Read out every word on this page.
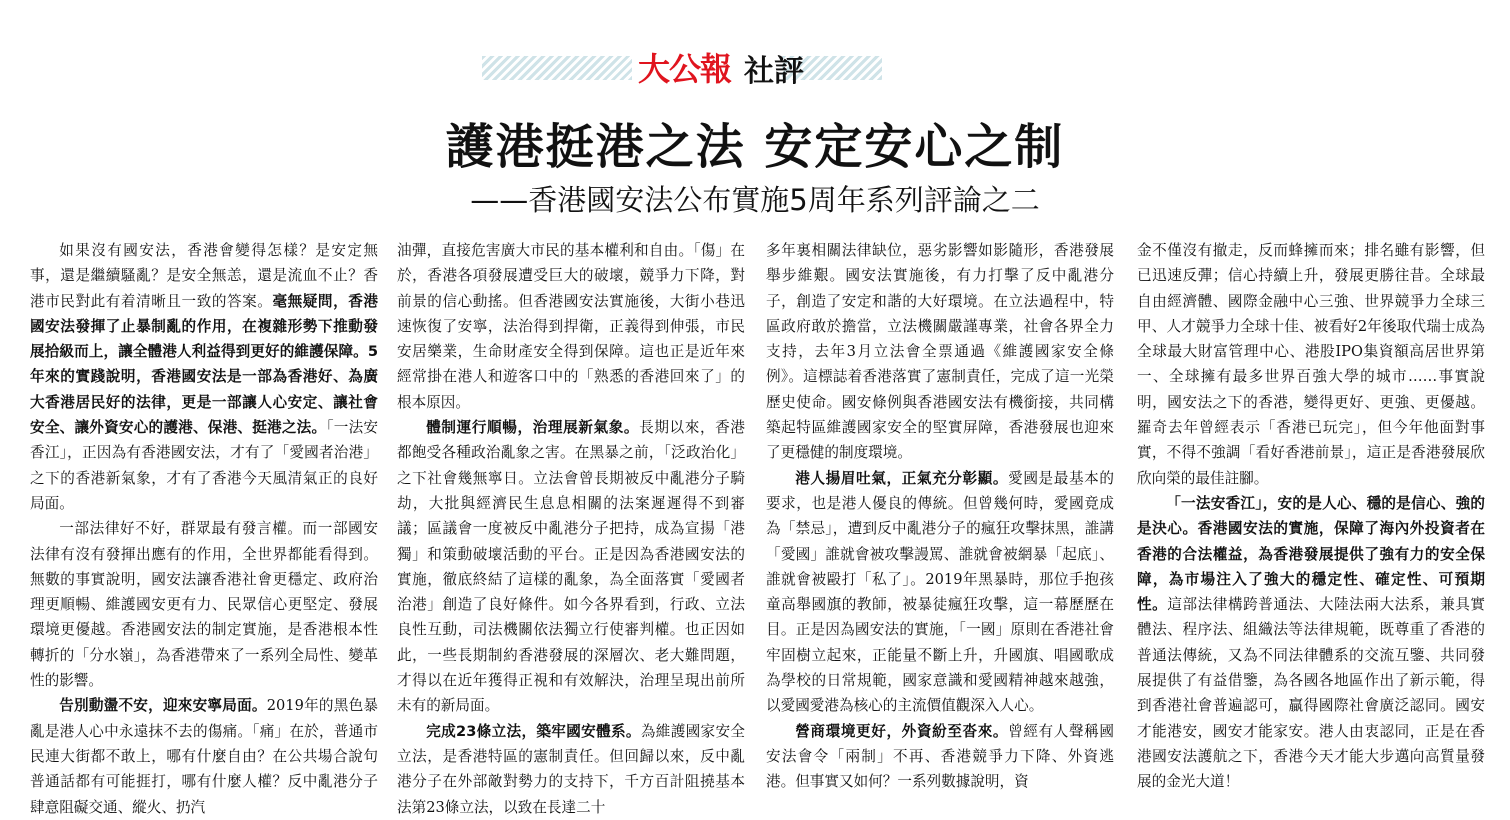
大公報 社評
護港挺港之法 安定安心之制
——香港國安法公布實施5周年系列評論之二

如果沒有國安法，香港會變得怎樣？是安定無事，還是繼續騷亂？是安全無恙，還是流血不止？香港市民對此有着清晰且一致的答案。毫無疑問，香港國安法發揮了止暴制亂的作用，在複雜形勢下推動發展拾級而上，讓全體港人利益得到更好的維護保障。5年來的實踐說明，香港國安法是一部為香港好、為廣大香港居民好的法律，更是一部讓人心安定、讓社會安全、讓外資安心的護港、保港、挺港之法。「一法安香江」，正因為有香港國安法，才有了「愛國者治港」之下的香港新氣象，才有了香港今天風清氣正的良好局面。

一部法律好不好，群眾最有發言權。而一部國安法律有沒有發揮出應有的作用，全世界都能看得到。無數的事實說明，國安法讓香港社會更穩定、政府治理更順暢、維護國安更有力、民眾信心更堅定、發展環境更優越。香港國安法的制定實施，是香港根本性轉折的「分水嶺」，為香港帶來了一系列全局性、變革性的影響。

告別動盪不安，迎來安寧局面。2019年的黑色暴亂是港人心中永遠抹不去的傷痛。「痛」在於，普通市民連大街都不敢上，哪有什麼自由？在公共場合說句普通話都有可能捱打，哪有什麼人權？反中亂港分子肆意阻礙交通、縱火、扔汽

油彈，直接危害廣大市民的基本權利和自由。「傷」在於，香港各項發展遭受巨大的破壞，競爭力下降，對前景的信心動搖。但香港國安法實施後，大街小巷迅速恢復了安寧，法治得到捍衛，正義得到伸張，市民安居樂業，生命財產安全得到保障。這也正是近年來經常掛在港人和遊客口中的「熟悉的香港回來了」的根本原因。

體制運行順暢，治理展新氣象。長期以來，香港都飽受各種政治亂象之害。在黑暴之前，「泛政治化」之下社會幾無寧日。立法會曾長期被反中亂港分子騎劫，大批與經濟民生息息相關的法案遲遲得不到審議；區議會一度被反中亂港分子把持，成為宣揚「港獨」和策動破壞活動的平台。正是因為香港國安法的實施，徹底終結了這樣的亂象，為全面落實「愛國者治港」創造了良好條件。如今各界看到，行政、立法良性互動，司法機關依法獨立行使審判權。也正因如此，一些長期制約香港發展的深層次、老大難問題，才得以在近年獲得正視和有效解決，治理呈現出前所未有的新局面。

完成23條立法，築牢國安體系。為維護國家安全立法，是香港特區的憲制責任。但回歸以來，反中亂港分子在外部敵對勢力的支持下，千方百計阻撓基本法第23條立法，以致在長達二十

多年裏相關法律缺位，惡劣影響如影隨形，香港發展舉步維艱。國安法實施後，有力打擊了反中亂港分子，創造了安定和諧的大好環境。在立法過程中，特區政府敢於擔當，立法機關嚴謹專業，社會各界全力支持，去年3月立法會全票通過《維護國家安全條例》。這標誌着香港落實了憲制責任，完成了這一光榮歷史使命。國安條例與香港國安法有機銜接，共同構築起特區維護國家安全的堅實屏障，香港發展也迎來了更穩健的制度環境。

港人揚眉吐氣，正氣充分彰顯。愛國是最基本的要求，也是港人優良的傳統。但曾幾何時，愛國竟成為「禁忌」，遭到反中亂港分子的瘋狂攻擊抹黑，誰講「愛國」誰就會被攻擊謾罵、誰就會被網暴「起底」、誰就會被毆打「私了」。2019年黑暴時，那位手抱孩童高舉國旗的教師，被暴徒瘋狂攻擊，這一幕歷歷在目。正是因為國安法的實施，「一國」原則在香港社會牢固樹立起來，正能量不斷上升，升國旗、唱國歌成為學校的日常規範，國家意識和愛國精神越來越強，以愛國愛港為核心的主流價值觀深入人心。

營商環境更好，外資紛至沓來。曾經有人聲稱國安法會令「兩制」不再、香港競爭力下降、外資逃港。但事實又如何？一系列數據說明，資

金不僅沒有撤走，反而蜂擁而來；排名雖有影響，但已迅速反彈；信心持續上升，發展更勝往昔。全球最自由經濟體、國際金融中心三強、世界競爭力全球三甲、人才競爭力全球十佳、被看好2年後取代瑞士成為全球最大財富管理中心、港股IPO集資額高居世界第一、全球擁有最多世界百強大學的城市……事實說明，國安法之下的香港，變得更好、更強、更優越。羅奇去年曾經表示「香港已玩完」，但今年他面對事實，不得不強調「看好香港前景」，這正是香港發展欣欣向榮的最佳註腳。

「一法安香江」，安的是人心、穩的是信心、強的是決心。香港國安法的實施，保障了海內外投資者在香港的合法權益，為香港發展提供了強有力的安全保障，為市場注入了強大的穩定性、確定性、可預期性。這部法律構跨普通法、大陸法兩大法系，兼具實體法、程序法、組織法等法律規範，既尊重了香港的普通法傳統，又為不同法律體系的交流互鑒、共同發展提供了有益借鑒，為各國各地區作出了新示範，得到香港社會普遍認可，贏得國際社會廣泛認同。國安才能港安，國安才能家安。港人由衷認同，正是在香港國安法護航之下，香港今天才能大步邁向高質量發展的金光大道！
